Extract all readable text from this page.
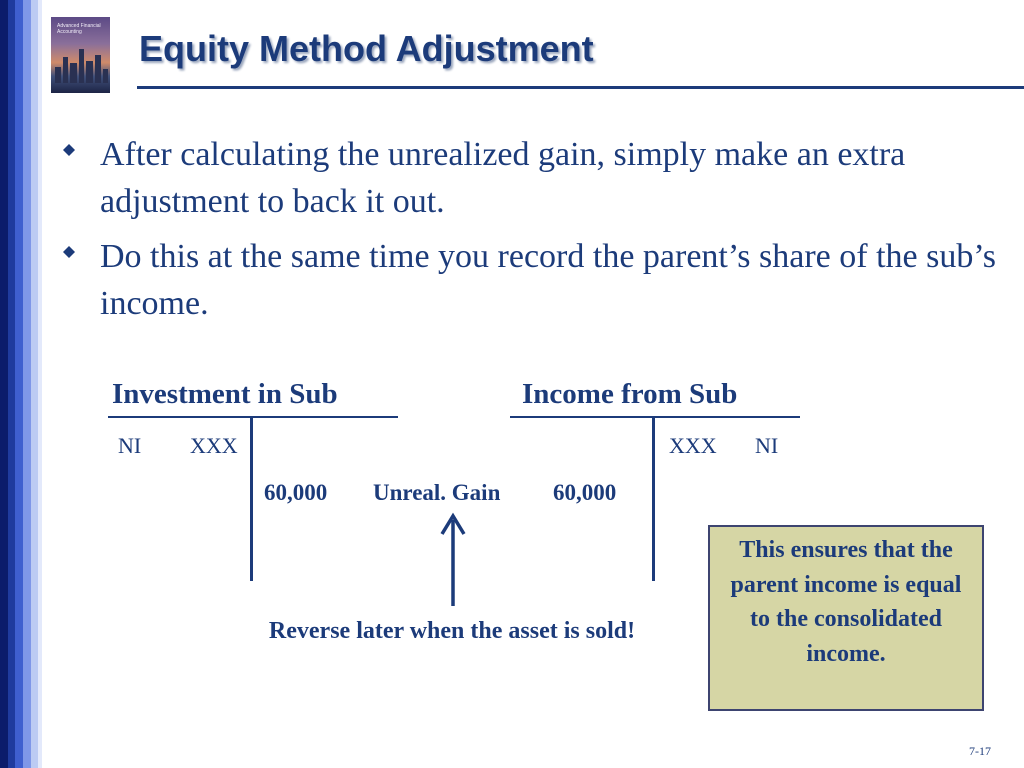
Advanced Financial Accounting	Equity Method Adjustment
After calculating the unrealized gain, simply make an extra adjustment to back it out.
Do this at the same time you record the parent’s share of the sub’s income.
Investment in Sub
NI XXX
60,000 Unreal. Gain
Income from Sub
60,000
XXX NI
Reverse later when the asset is sold!
This ensures that the parent income is equal to the consolidated income.
7-17
